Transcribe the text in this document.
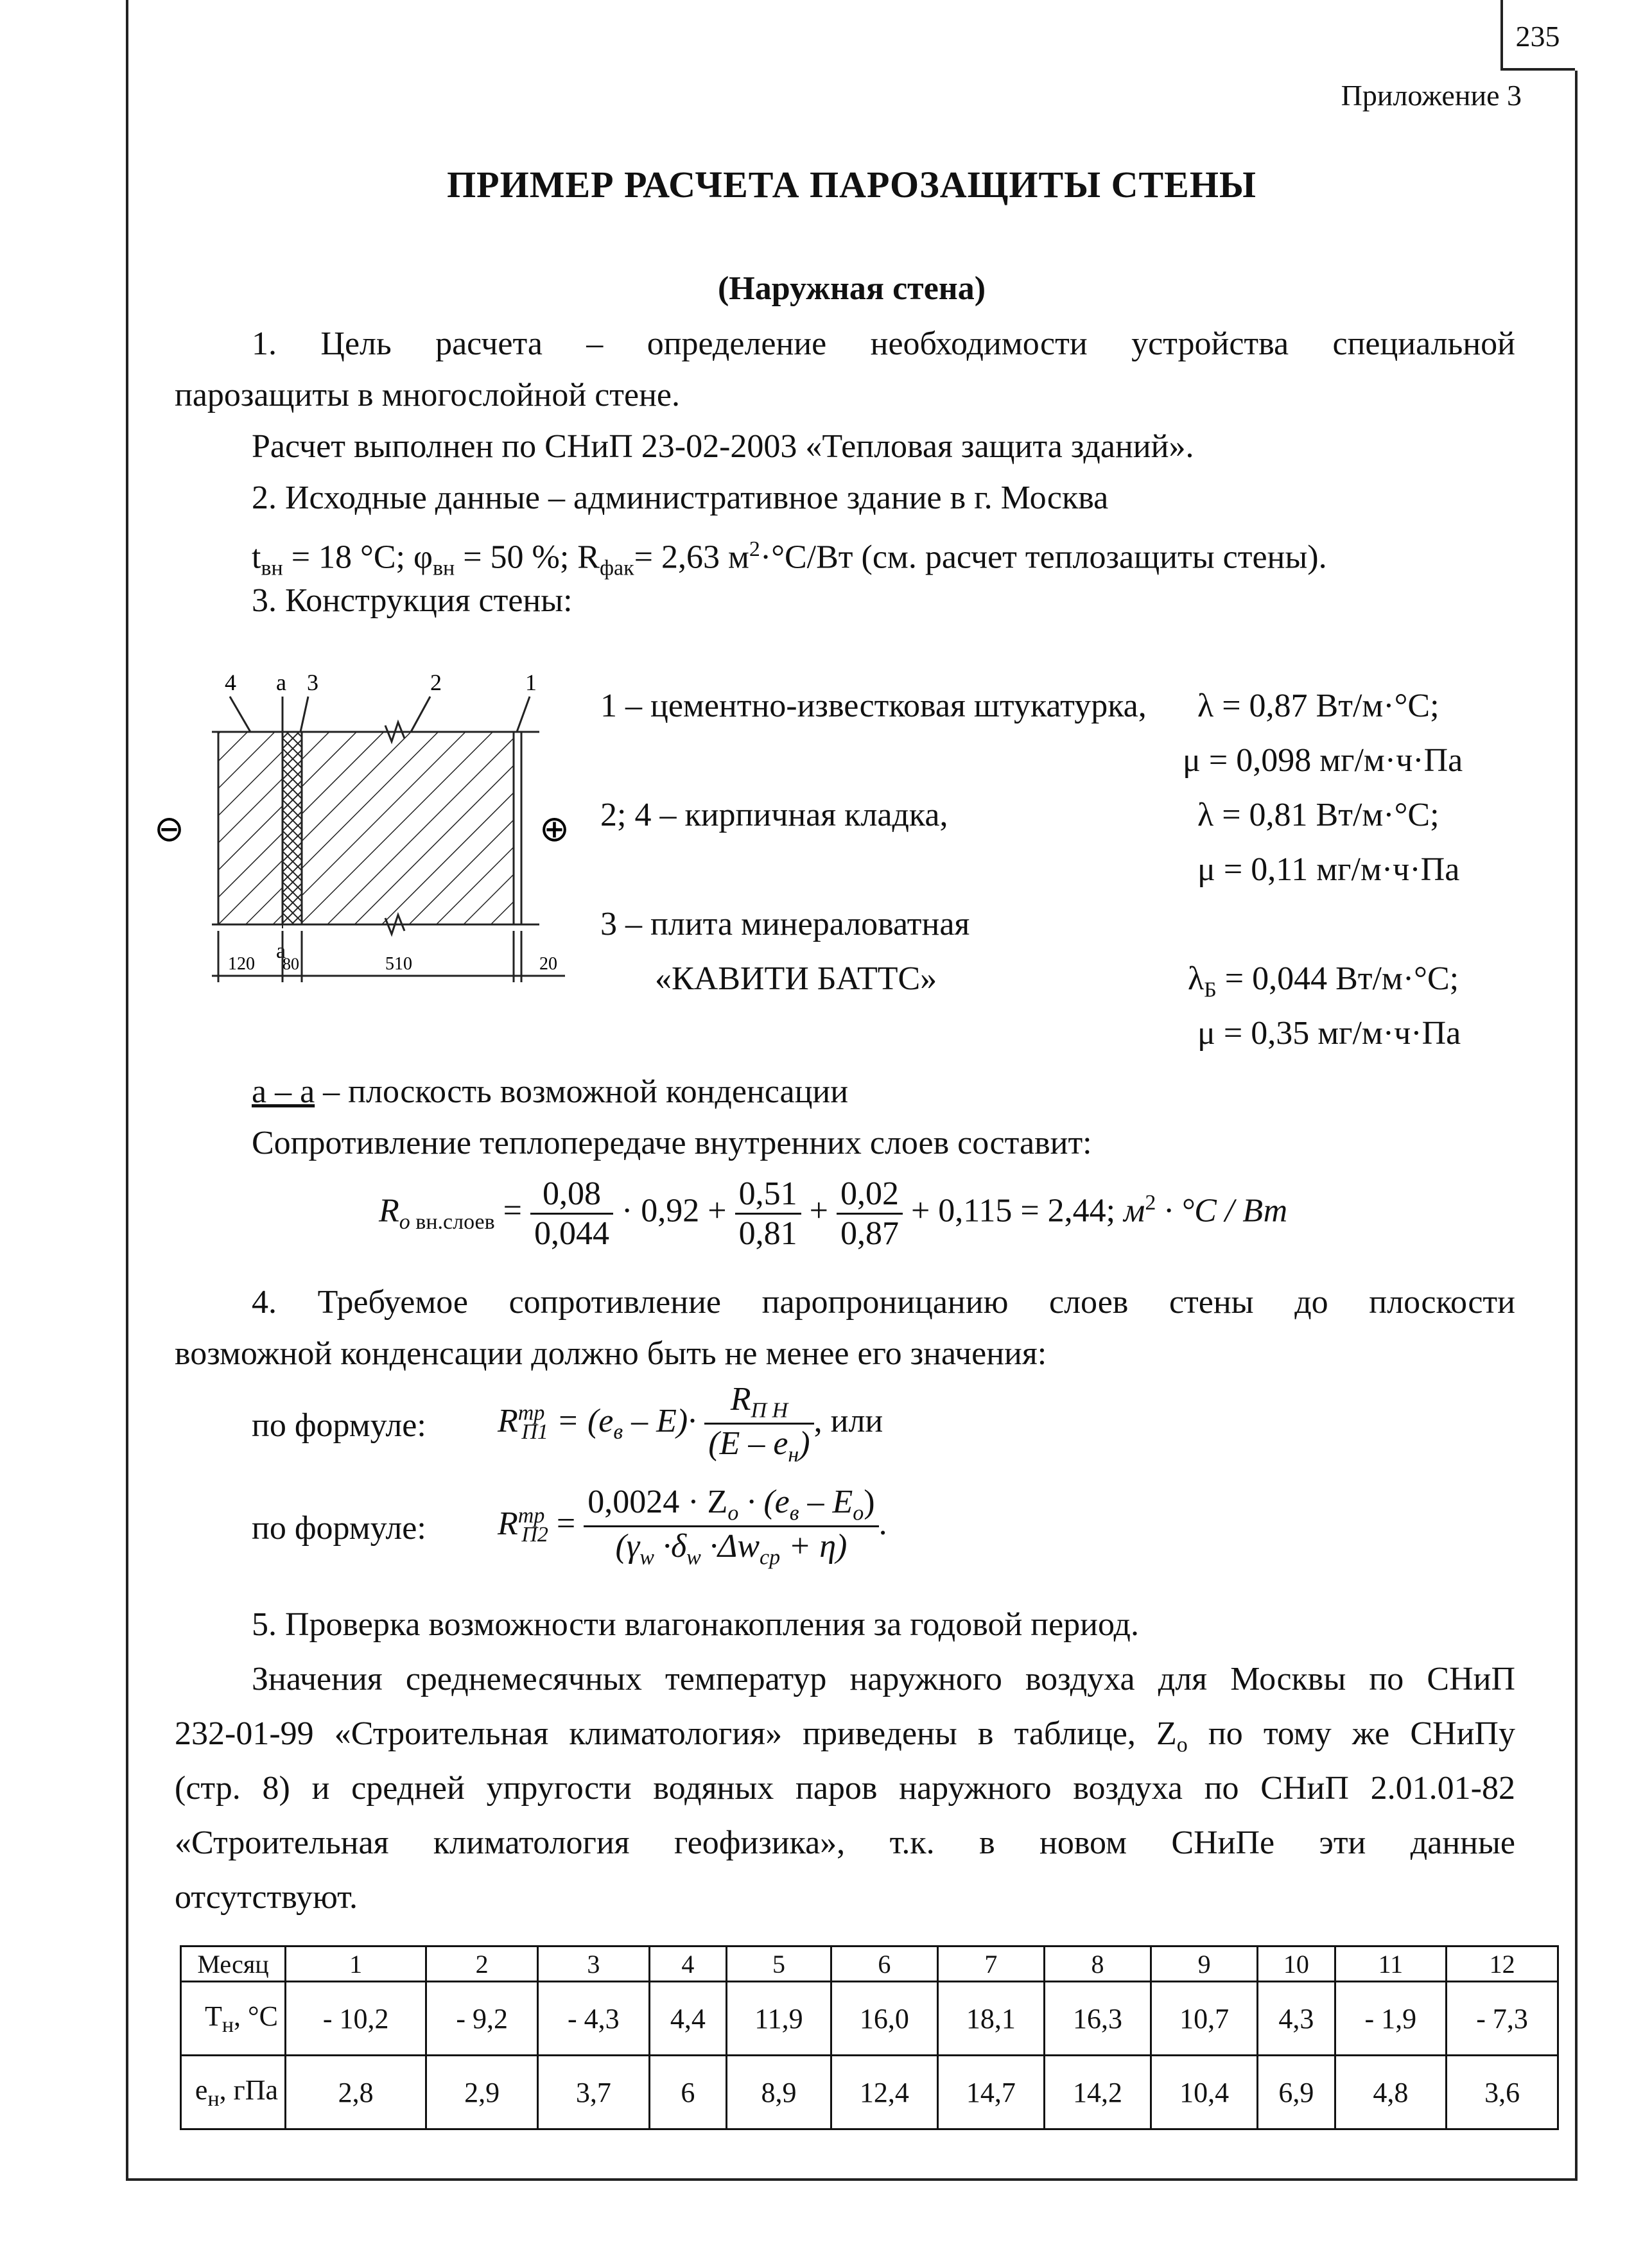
235
Приложение 3
ПРИМЕР РАСЧЕТА ПАРОЗАЩИТЫ СТЕНЫ
(Наружная стена)
1. Цель расчета – определение необходимости устройства специальной
парозащиты в многослойной стене.
Расчет выполнен по СНиП 23-02-2003 «Тепловая защита зданий».
2. Исходные данные – административное здание в г. Москва
$t_{вн} = 18$ °С; $\varphi_{вн} = 50$ %; $R_{фак}= 2,63$ $м^2\cdot^\circ С/Вт$ (см. расчет теплозащиты стены).
3. Конструкция стены:
4 а 3	2	1
а
120 80	510	20
⊖	⊕
1 – цементно-известковая штукатурка, λ = 0,87 Вт/м·°С;
μ = 0,098 мг/м·ч·Па
2; 4 – кирпичная кладка,	λ = 0,81 Вт/м·°С;
μ = 0,11 мг/м·ч·Па
3 – плита минераловатная
«КАВИТИ БАТТС»	$\lambda_Б = 0,044$ Вт/м·°С;
μ = 0,35 мг/м·ч·Па
а – а – плоскость возможной конденсации
Сопротивление теплопередаче внутренних слоев составит:
$R_{o вн.слоев} = \frac{0,08}{0,044} \cdot 0,92 + \frac{0,51}{0,81} + \frac{0,02}{0,87} + 0,115 = 2,44$; $м^2 \cdot ^\circ C$ / Вт
4. Требуемое сопротивление паропроницанию слоев стены до плоскости
возможной конденсации должно быть не менее его значения:
по формуле: $R^{тр}_{П1} = (e_в - E)\cdot \frac{R_{П Н}}{(E - e_н)}$ , или
по формуле: $R^{тр}_{П2} = \frac{0,0024 \cdot Z_o \cdot (e_в - E_o)}{(\gamma_w \cdot\delta_w \cdot\Delta w_{ср} + \eta)}$ .
5. Проверка возможности влагонакопления за годовой период.
Значения среднемесячных температур наружного воздуха для Москвы по СНиП
232-01-99 «Строительная климатология» приведены в таблице, $Z_o$ по тому же СНиПу
(стр. 8) и средней упругости водяных паров наружного воздуха по СНиП 2.01.01-82
«Строительная климатология геофизика», т.к. в новом СНиПе эти данные
отсутствуют.
Месяц	1	2	3	4	5	6	7	8	9	10	11	12
$Т_н$, °С	- 10,2	- 9,2	- 4,3	4,4	11,9	16,0	18,1	16,3	10,7	4,3	- 1,9	- 7,3
$е_н$, гПа	2,8	2,9	3,7	6	8,9	12,4	14,7	14,2	10,4	6,9	4,8	3,6
